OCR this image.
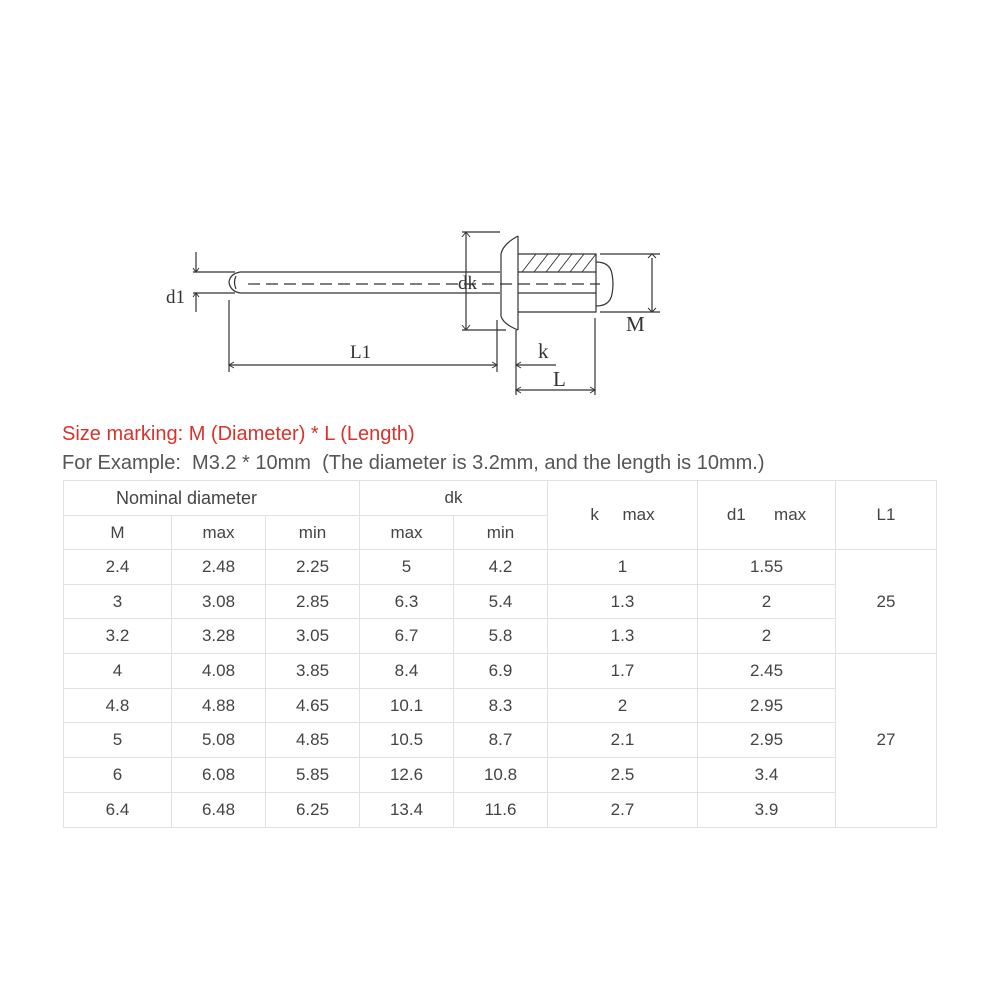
d1
dk
L1	k
L
M
Size marking: M (Diameter) * L (Length)
For Example:  M3.2 * 10mm  (The diameter is 3.2mm, and the length is 10mm.)
Nominal diameter			dk		k     max	d1      max	L1
M	max	min	max	min			
2.4	2.48	2.25	5	4.2	1	1.55	25
3	3.08	2.85	6.3	5.4	1.3	2	
3.2	3.28	3.05	6.7	5.8	1.3	2	
4	4.08	3.85	8.4	6.9	1.7	2.45	27
4.8	4.88	4.65	10.1	8.3	2	2.95	
5	5.08	4.85	10.5	8.7	2.1	2.95	
6	6.08	5.85	12.6	10.8	2.5	3.4	
6.4	6.48	6.25	13.4	11.6	2.7	3.9	
